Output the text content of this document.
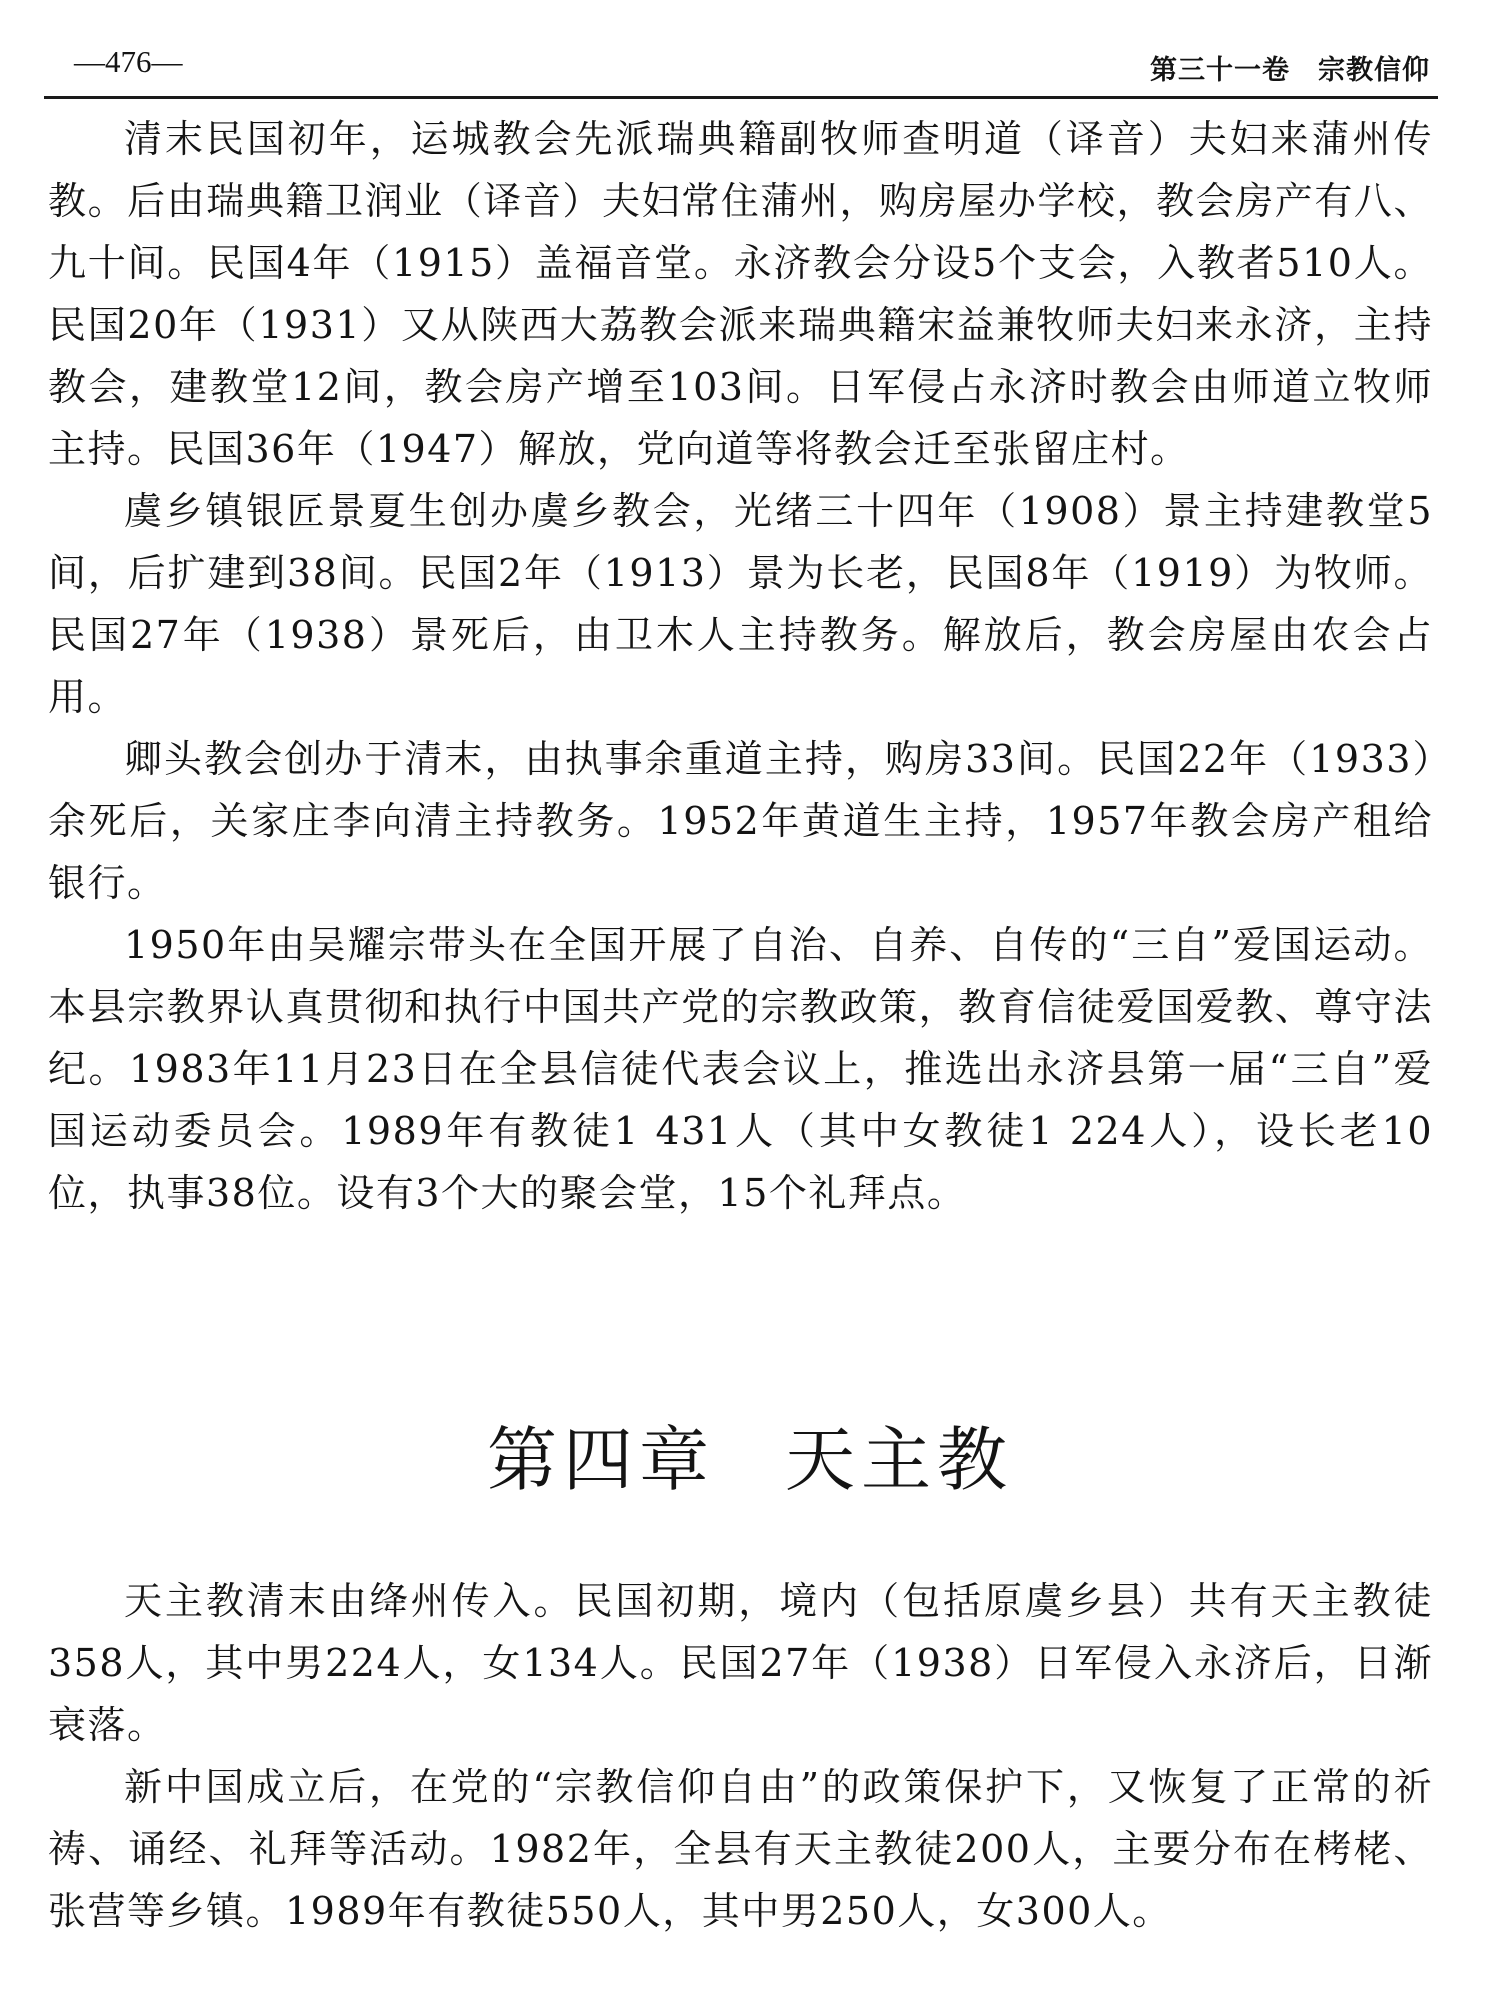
—476—	第三十一卷　宗教信仰

清末民国初年，运城教会先派瑞典籍副牧师查明道（译音）夫妇来蒲州传教。后由瑞典籍卫润业（译音）夫妇常住蒲州，购房屋办学校，教会房产有八、九十间。民国4年（1915）盖福音堂。永济教会分设5个支会，入教者510人。民国20年（1931）又从陕西大荔教会派来瑞典籍宋益兼牧师夫妇来永济，主持教会，建教堂12间，教会房产增至103间。日军侵占永济时教会由师道立牧师主持。民国36年（1947）解放，党向道等将教会迁至张留庄村。

虞乡镇银匠景夏生创办虞乡教会，光绪三十四年（1908）景主持建教堂5间，后扩建到38间。民国2年（1913）景为长老，民国8年（1919）为牧师。民国27年（1938）景死后，由卫木人主持教务。解放后，教会房屋由农会占用。

卿头教会创办于清末，由执事余重道主持，购房33间。民国22年（1933）余死后，关家庄李向清主持教务。1952年黄道生主持，1957年教会房产租给银行。

1950年由吴耀宗带头在全国开展了自治、自养、自传的“三自”爱国运动。本县宗教界认真贯彻和执行中国共产党的宗教政策，教育信徒爱国爱教、尊守法纪。1983年11月23日在全县信徒代表会议上，推选出永济县第一届“三自”爱国运动委员会。1989年有教徒1 431人（其中女教徒1 224人），设长老10位，执事38位。设有3个大的聚会堂，15个礼拜点。

第四章 天主教

天主教清末由绛州传入。民国初期，境内（包括原虞乡县）共有天主教徒358人，其中男224人，女134人。民国27年（1938）日军侵入永济后，日渐衰落。

新中国成立后，在党的“宗教信仰自由”的政策保护下，又恢复了正常的祈祷、诵经、礼拜等活动。1982年，全县有天主教徒200人，主要分布在栲栳、张营等乡镇。1989年有教徒550人，其中男250人，女300人。
